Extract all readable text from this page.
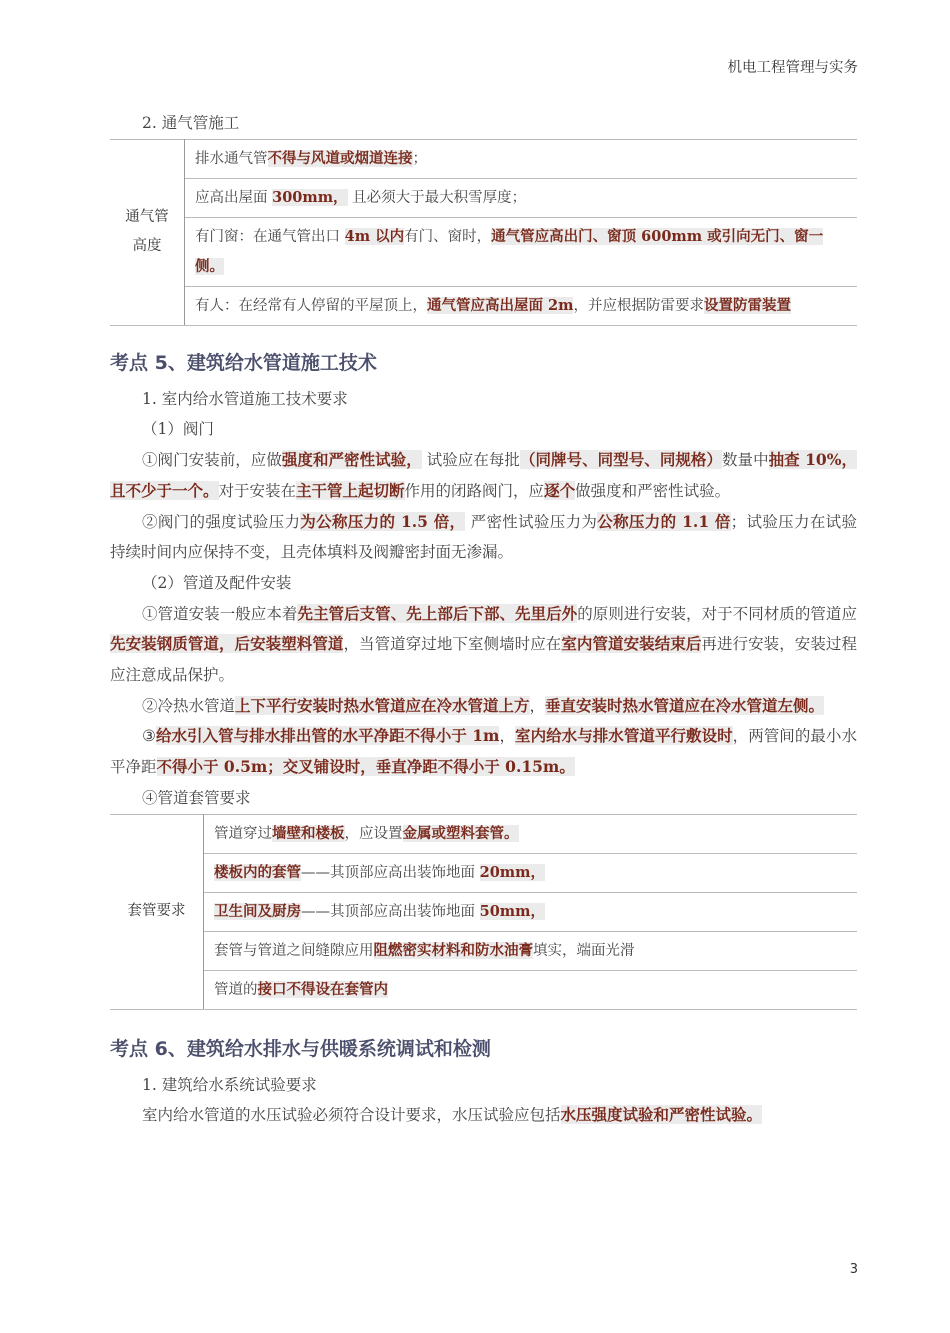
机电工程管理与实务

2. 通气管施工

通气管高度	排水通气管不得与风道或烟道连接；
应高出屋面 300mm， 且必须大于最大积雪厚度；
有门窗：在通气管出口 4m 以内有门、窗时，通气管应高出门、窗顶 600mm 或引向无门、窗一侧。
有人：在经常有人停留的平屋顶上，通气管应高出屋面 2m，并应根据防雷要求设置防雷装置
考点 5、建筑给水管道施工技术

1. 室内给水管道施工技术要求

（1）阀门

①阀门安装前，应做强度和严密性试验， 试验应在每批（同牌号、同型号、同规格）数量中抽查 10%，且不少于一个。对于安装在主干管上起切断作用的闭路阀门，应逐个做强度和严密性试验。

②阀门的强度试验压力为公称压力的 1.5 倍， 严密性试验压力为公称压力的 1.1 倍；试验压力在试验持续时间内应保持不变，且壳体填料及阀瓣密封面无渗漏。

（2）管道及配件安装

①管道安装一般应本着先主管后支管、先上部后下部、先里后外的原则进行安装，对于不同材质的管道应先安装钢质管道，后安装塑料管道，当管道穿过地下室侧墙时应在室内管道安装结束后再进行安装，安装过程应注意成品保护。

②冷热水管道上下平行安装时热水管道应在冷水管道上方，垂直安装时热水管道应在冷水管道左侧。

③给水引入管与排水排出管的水平净距不得小于 1m，室内给水与排水管道平行敷设时，两管间的最小水平净距不得小于 0.5m；交叉铺设时，垂直净距不得小于 0.15m。

④管道套管要求

套管要求	管道穿过墙壁和楼板，应设置金属或塑料套管。
楼板内的套管——其顶部应高出装饰地面 20mm，
卫生间及厨房——其顶部应高出装饰地面 50mm，
套管与管道之间缝隙应用阻燃密实材料和防水油膏填实，端面光滑
管道的接口不得设在套管内
考点 6、建筑给水排水与供暖系统调试和检测

1. 建筑给水系统试验要求

室内给水管道的水压试验必须符合设计要求，水压试验应包括水压强度试验和严密性试验。

3
